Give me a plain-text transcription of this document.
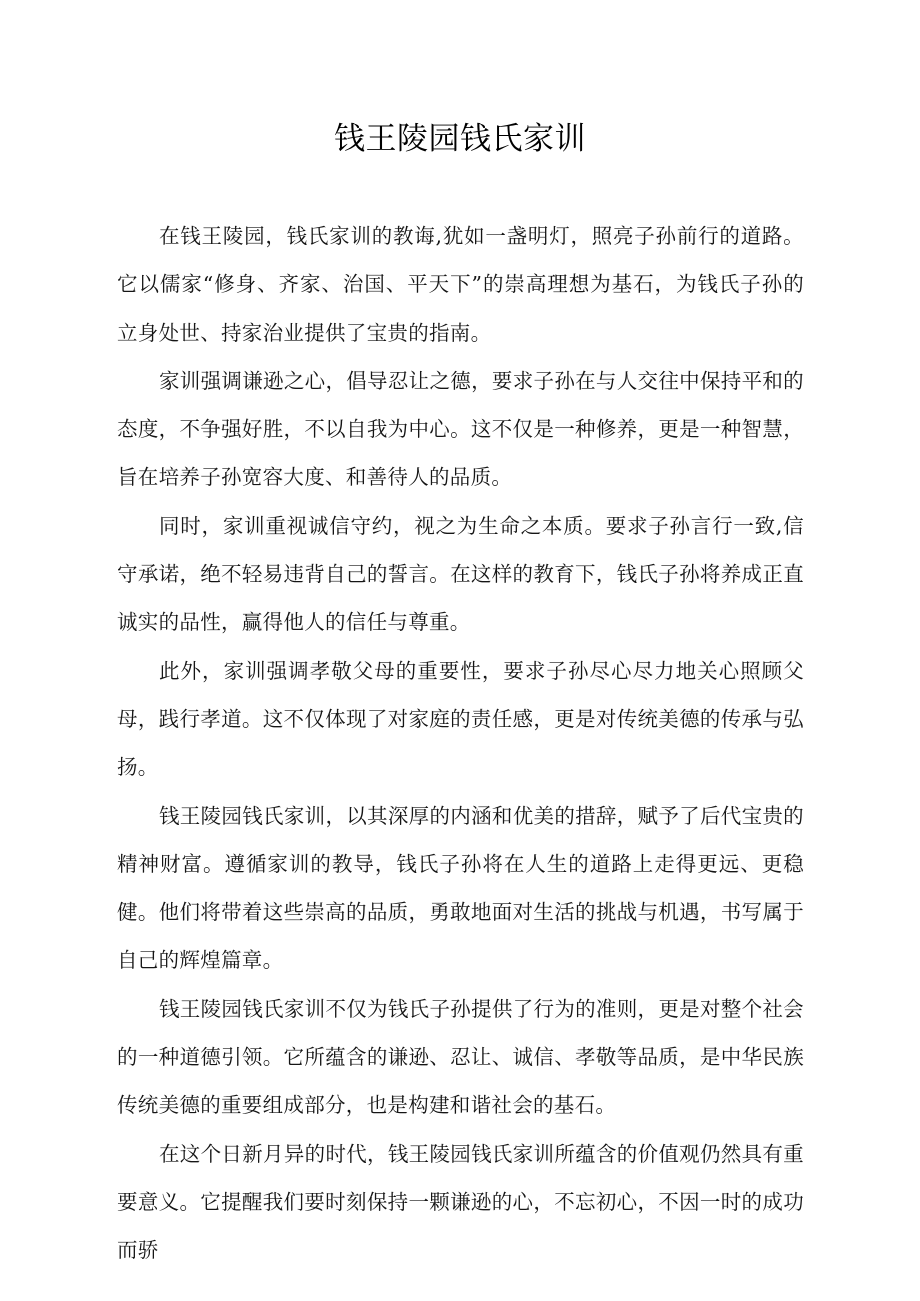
钱王陵园钱氏家训

在钱王陵园，钱氏家训的教诲,犹如一盏明灯，照亮子孙前行的道路。它以儒家“修身、齐家、治国、平天下”的崇高理想为基石，为钱氏子孙的立身处世、持家治业提供了宝贵的指南。

家训强调谦逊之心，倡导忍让之德，要求子孙在与人交往中保持平和的态度，不争强好胜，不以自我为中心。这不仅是一种修养，更是一种智慧，旨在培养子孙宽容大度、和善待人的品质。

同时，家训重视诚信守约，视之为生命之本质。要求子孙言行一致,信守承诺，绝不轻易违背自己的誓言。在这样的教育下，钱氏子孙将养成正直诚实的品性，赢得他人的信任与尊重。

此外，家训强调孝敬父母的重要性，要求子孙尽心尽力地关心照顾父母，践行孝道。这不仅体现了对家庭的责任感，更是对传统美德的传承与弘扬。

钱王陵园钱氏家训，以其深厚的内涵和优美的措辞，赋予了后代宝贵的精神财富。遵循家训的教导，钱氏子孙将在人生的道路上走得更远、更稳健。他们将带着这些崇高的品质，勇敢地面对生活的挑战与机遇，书写属于自己的辉煌篇章。

钱王陵园钱氏家训不仅为钱氏子孙提供了行为的准则，更是对整个社会的一种道德引领。它所蕴含的谦逊、忍让、诚信、孝敬等品质，是中华民族传统美德的重要组成部分，也是构建和谐社会的基石。

在这个日新月异的时代，钱王陵园钱氏家训所蕴含的价值观仍然具有重要意义。它提醒我们要时刻保持一颗谦逊的心，不忘初心，不因一时的成功而骄
